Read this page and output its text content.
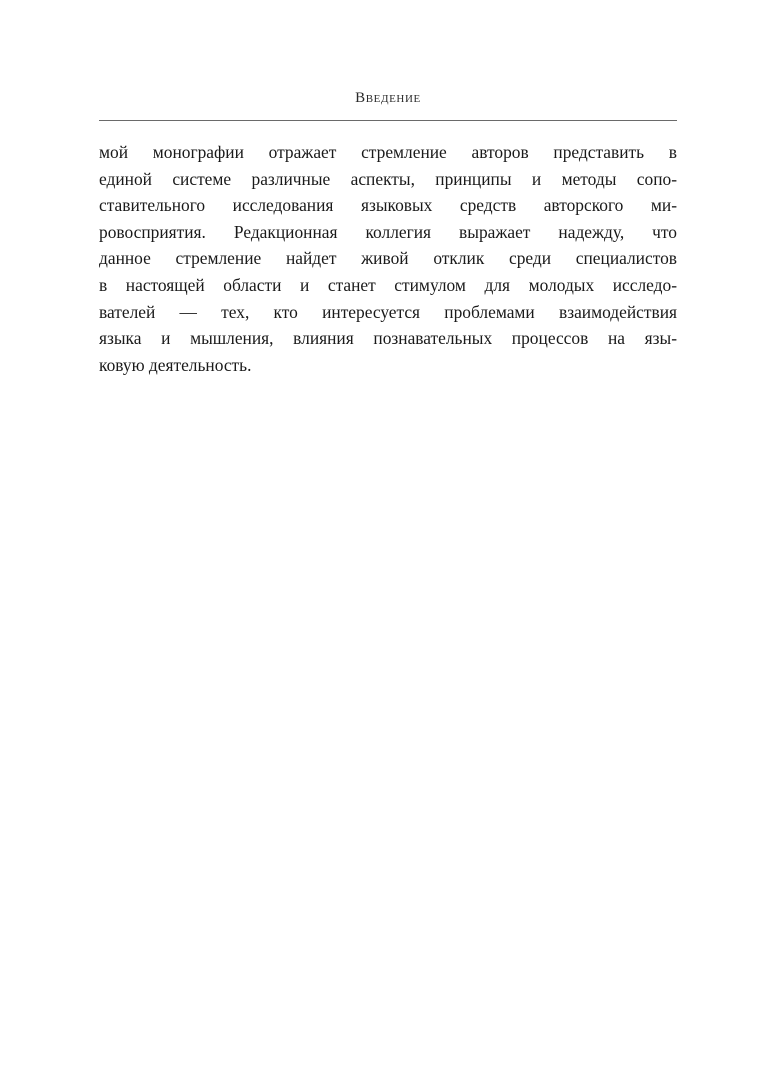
Введение
мой монографии отражает стремление авторов представить в
единой системе различные аспекты, принципы и методы сопо-
ставительного исследования языковых средств авторского ми-
ровосприятия. Редакционная коллегия выражает надежду, что
данное стремление найдет живой отклик среди специалистов
в настоящей области и станет стимулом для молодых исследо-
вателей — тех, кто интересуется проблемами взаимодействия
языка и мышления, влияния познавательных процессов на язы-
ковую деятельность.
